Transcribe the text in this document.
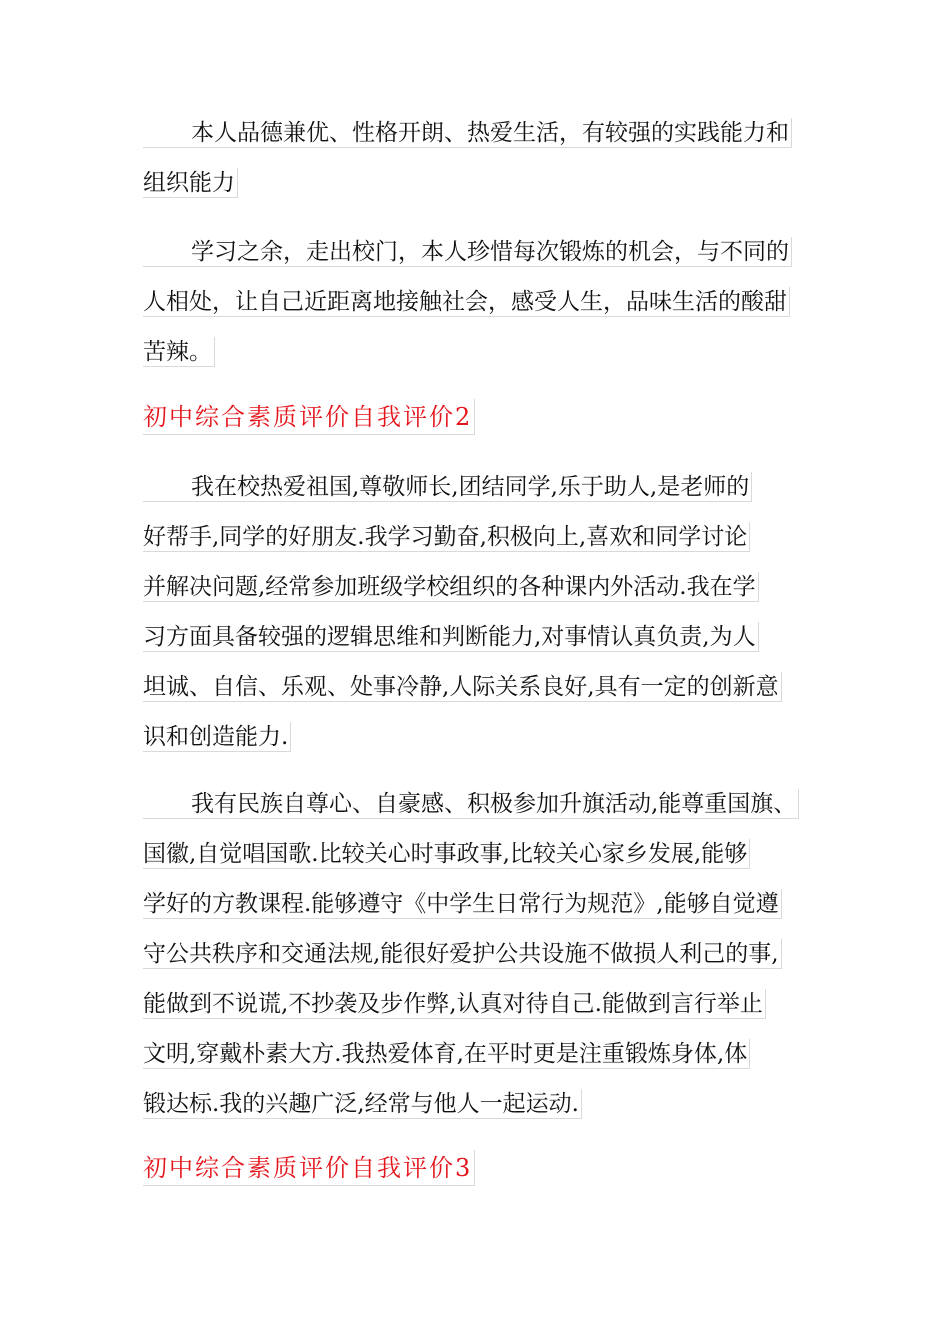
本人品德兼优、性格开朗、热爱生活，有较强的实践能力和
组织能力
学习之余，走出校门，本人珍惜每次锻炼的机会，与不同的
人相处，让自己近距离地接触社会，感受人生，品味生活的酸甜
苦辣。
初中综合素质评价自我评价2
我在校热爱祖国,尊敬师长,团结同学,乐于助人,是老师的
好帮手,同学的好朋友.我学习勤奋,积极向上,喜欢和同学讨论
并解决问题,经常参加班级学校组织的各种课内外活动.我在学
习方面具备较强的逻辑思维和判断能力,对事情认真负责,为人
坦诚、自信、乐观、处事冷静,人际关系良好,具有一定的创新意
识和创造能力.
我有民族自尊心、自豪感、积极参加升旗活动,能尊重国旗、
国徽,自觉唱国歌.比较关心时事政事,比较关心家乡发展,能够
学好的方教课程.能够遵守《中学生日常行为规范》,能够自觉遵
守公共秩序和交通法规,能很好爱护公共设施不做损人利己的事,
能做到不说谎,不抄袭及步作弊,认真对待自己.能做到言行举止
文明,穿戴朴素大方.我热爱体育,在平时更是注重锻炼身体,体
锻达标.我的兴趣广泛,经常与他人一起运动.
初中综合素质评价自我评价3
